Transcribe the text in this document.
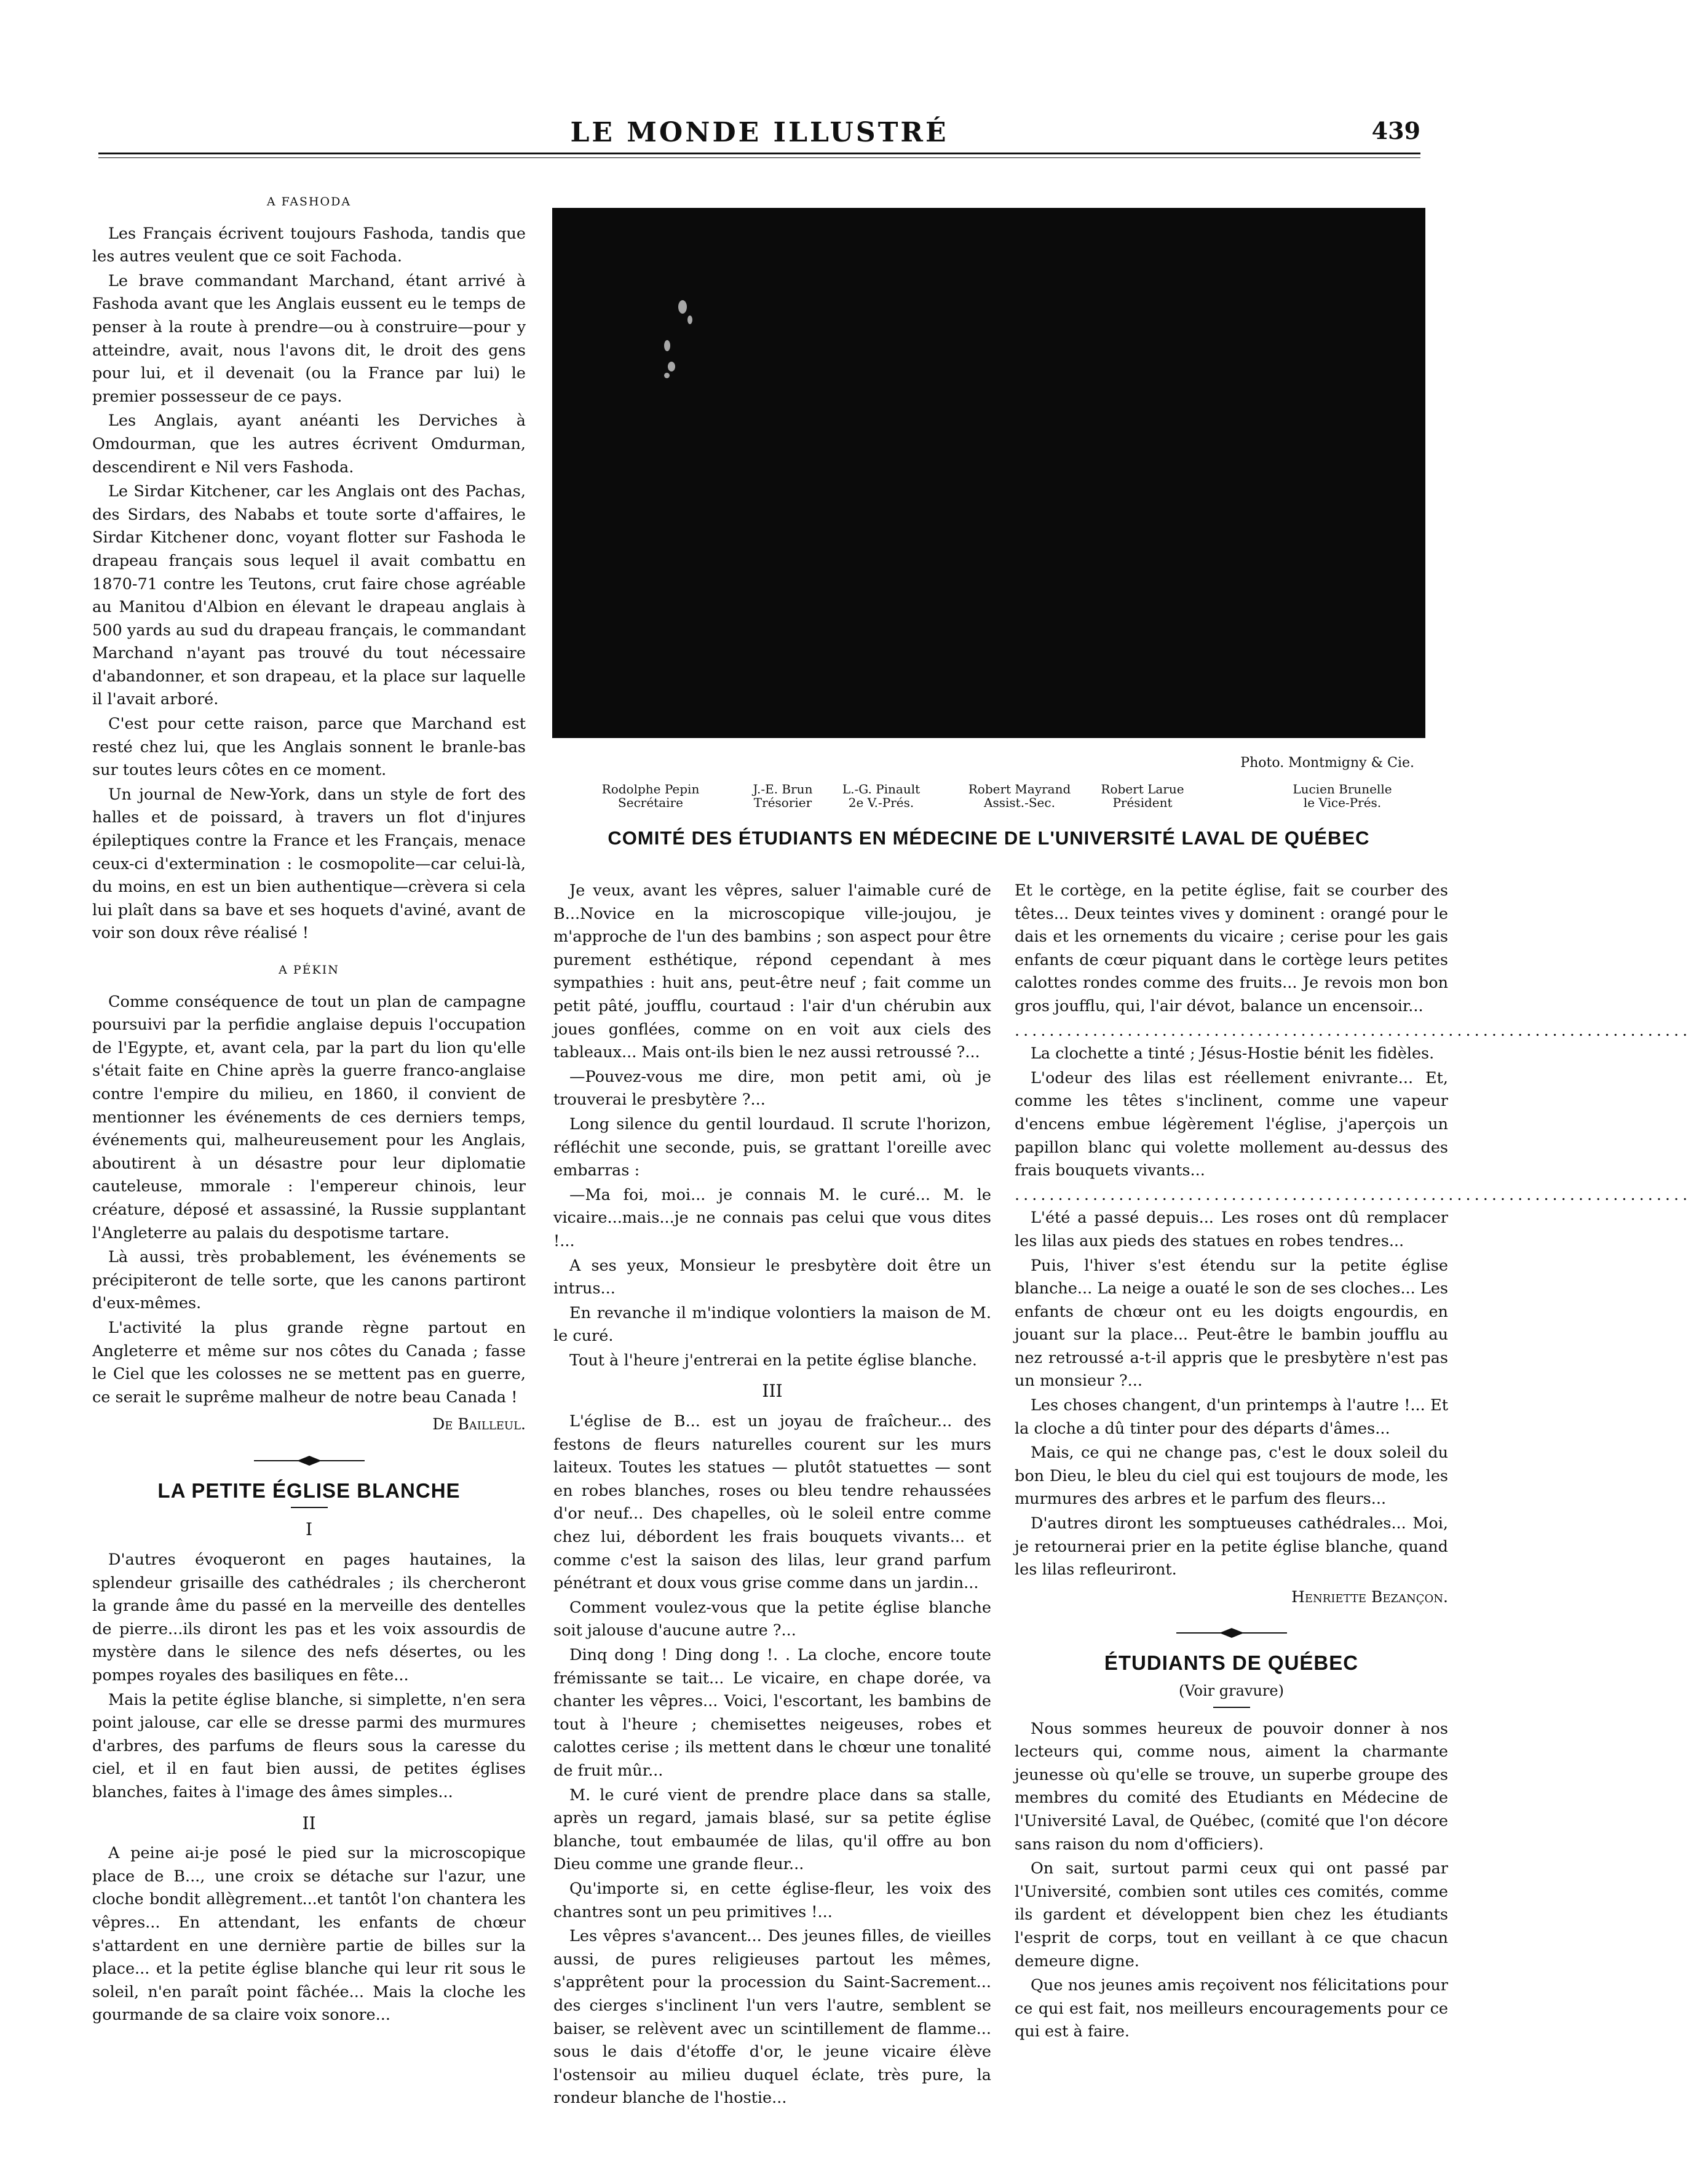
LE MONDE ILLUSTRÉ	439
A FASHODA

Les Français écrivent toujours Fashoda, tandis que les autres veulent que ce soit Fachoda.

Le brave commandant Marchand, étant arrivé à Fashoda avant que les Anglais eussent eu le temps de penser à la route à prendre—ou à construire—pour y atteindre, avait, nous l'avons dit, le droit des gens pour lui, et il devenait (ou la France par lui) le premier possesseur de ce pays.

Les Anglais, ayant anéanti les Derviches à Omdourman, que les autres écrivent Omdurman, descendirent e Nil vers Fashoda.

Le Sirdar Kitchener, car les Anglais ont des Pachas, des Sirdars, des Nababs et toute sorte d'affaires, le Sirdar Kitchener donc, voyant flotter sur Fashoda le drapeau français sous lequel il avait combattu en 1870-71 contre les Teutons, crut faire chose agréable au Manitou d'Albion en élevant le drapeau anglais à 500 yards au sud du drapeau français, le commandant Marchand n'ayant pas trouvé du tout nécessaire d'abandonner, et son drapeau, et la place sur laquelle il l'avait arboré.

C'est pour cette raison, parce que Marchand est resté chez lui, que les Anglais sonnent le branle-bas sur toutes leurs côtes en ce moment.

Un journal de New-York, dans un style de fort des halles et de poissard, à travers un flot d'injures épileptiques contre la France et les Français, menace ceux-ci d'extermination : le cosmopolite—car celui-là, du moins, en est un bien authentique—crèvera si cela lui plaît dans sa bave et ses hoquets d'aviné, avant de voir son doux rêve réalisé !

A PÉKIN

Comme conséquence de tout un plan de campagne poursuivi par la perfidie anglaise depuis l'occupation de l'Egypte, et, avant cela, par la part du lion qu'elle s'était faite en Chine après la guerre franco-anglaise contre l'empire du milieu, en 1860, il convient de mentionner les événements de ces derniers temps, événements qui, malheureusement pour les Anglais, aboutirent à un désastre pour leur diplomatie cauteleuse, mmorale : l'empereur chinois, leur créature, déposé et assassiné, la Russie supplantant l'Angleterre au palais du despotisme tartare.

Là aussi, très probablement, les événements se précipiteront de telle sorte, que les canons partiront d'eux-mêmes.

L'activité la plus grande règne partout en Angleterre et même sur nos côtes du Canada ; fasse le Ciel que les colosses ne se mettent pas en guerre, ce serait le suprême malheur de notre beau Canada !

De Bailleul.
LA PETITE ÉGLISE BLANCHE
I

D'autres évoqueront en pages hautaines, la splendeur grisaille des cathédrales ; ils chercheront la grande âme du passé en la merveille des dentelles de pierre...ils diront les pas et les voix assourdis de mystère dans le silence des nefs désertes, ou les pompes royales des basiliques en fête...

Mais la petite église blanche, si simplette, n'en sera point jalouse, car elle se dresse parmi des murmures d'arbres, des parfums de fleurs sous la caresse du ciel, et il en faut bien aussi, de petites églises blanches, faites à l'image des âmes simples...

II

A peine ai-je posé le pied sur la microscopique place de B..., une croix se détache sur l'azur, une cloche bondit allègrement...et tantôt l'on chantera les vêpres... En attendant, les enfants de chœur s'attardent en une dernière partie de billes sur la place... et la petite église blanche qui leur rit sous le soleil, n'en paraît point fâchée... Mais la cloche les gourmande de sa claire voix sonore...

Photo. Montmigny & Cie.
Rodolphe Pepin
Secrétaire
J.-E. Brun
Trésorier
L.-G. Pinault
2e V.-Prés.
Robert Mayrand
Assist.-Sec.
Robert Larue
Président
Lucien Brunelle
le Vice-Prés.
COMITÉ DES ÉTUDIANTS EN MÉDECINE DE L'UNIVERSITÉ LAVAL DE QUÉBEC

Je veux, avant les vêpres, saluer l'aimable curé de B...Novice en la microscopique ville-joujou, je m'approche de l'un des bambins ; son aspect pour être purement esthétique, répond cependant à mes sympathies : huit ans, peut-être neuf ; fait comme un petit pâté, joufflu, courtaud : l'air d'un chérubin aux joues gonflées, comme on en voit aux ciels des tableaux... Mais ont-ils bien le nez aussi retroussé ?...

—Pouvez-vous me dire, mon petit ami, où je trouverai le presbytère ?...

Long silence du gentil lourdaud. Il scrute l'horizon, réfléchit une seconde, puis, se grattant l'oreille avec embarras :

—Ma foi, moi... je connais M. le curé... M. le vicaire...mais...je ne connais pas celui que vous dites !...

A ses yeux, Monsieur le presbytère doit être un intrus...

En revanche il m'indique volontiers la maison de M. le curé.

Tout à l'heure j'entrerai en la petite église blanche.

III

L'église de B... est un joyau de fraîcheur... des festons de fleurs naturelles courent sur les murs laiteux. Toutes les statues — plutôt statuettes — sont en robes blanches, roses ou bleu tendre rehaussées d'or neuf... Des chapelles, où le soleil entre comme chez lui, débordent les frais bouquets vivants... et comme c'est la saison des lilas, leur grand parfum pénétrant et doux vous grise comme dans un jardin...

Comment voulez-vous que la petite église blanche soit jalouse d'aucune autre ?...

Dinq dong ! Ding dong !. . La cloche, encore toute frémissante se tait... Le vicaire, en chape dorée, va chanter les vêpres... Voici, l'escortant, les bambins de tout à l'heure ; chemisettes neigeuses, robes et calottes cerise ; ils mettent dans le chœur une tonalité de fruit mûr...

M. le curé vient de prendre place dans sa stalle, après un regard, jamais blasé, sur sa petite église blanche, tout embaumée de lilas, qu'il offre au bon Dieu comme une grande fleur...

Qu'importe si, en cette église-fleur, les voix des chantres sont un peu primitives !...

Les vêpres s'avancent... Des jeunes filles, de vieilles aussi, de pures religieuses partout les mêmes, s'apprêtent pour la procession du Saint-Sacrement... des cierges s'inclinent l'un vers l'autre, semblent se baiser, se relèvent avec un scintillement de flamme... sous le dais d'étoffe d'or, le jeune vicaire élève l'ostensoir au milieu duquel éclate, très pure, la rondeur blanche de l'hostie...

Et le cortège, en la petite église, fait se courber des têtes... Deux teintes vives y dominent : orangé pour le dais et les ornements du vicaire ; cerise pour les gais enfants de cœur piquant dans le cortège leurs petites calottes rondes comme des fruits... Je revois mon bon gros joufflu, qui, l'air dévot, balance un encensoir...

..............................................................................

La clochette a tinté ; Jésus-Hostie bénit les fidèles.

L'odeur des lilas est réellement enivrante... Et, comme les têtes s'inclinent, comme une vapeur d'encens embue légèrement l'église, j'aperçois un papillon blanc qui volette mollement au-dessus des frais bouquets vivants...

..............................................................................

L'été a passé depuis... Les roses ont dû remplacer les lilas aux pieds des statues en robes tendres...

Puis, l'hiver s'est étendu sur la petite église blanche... La neige a ouaté le son de ses cloches... Les enfants de chœur ont eu les doigts engourdis, en jouant sur la place... Peut-être le bambin joufflu au nez retroussé a-t-il appris que le presbytère n'est pas un monsieur ?...

Les choses changent, d'un printemps à l'autre !... Et la cloche a dû tinter pour des départs d'âmes...

Mais, ce qui ne change pas, c'est le doux soleil du bon Dieu, le bleu du ciel qui est toujours de mode, les murmures des arbres et le parfum des fleurs...

D'autres diront les somptueuses cathédrales... Moi, je retournerai prier en la petite église blanche, quand les lilas refleuriront.

Henriette Bezançon.
ÉTUDIANTS DE QUÉBEC
(Voir gravure)

Nous sommes heureux de pouvoir donner à nos lecteurs qui, comme nous, aiment la charmante jeunesse où qu'elle se trouve, un superbe groupe des membres du comité des Etudiants en Médecine de l'Université Laval, de Québec, (comité que l'on décore sans raison du nom d'officiers).

On sait, surtout parmi ceux qui ont passé par l'Université, combien sont utiles ces comités, comme ils gardent et développent bien chez les étudiants l'esprit de corps, tout en veillant à ce que chacun demeure digne.

Que nos jeunes amis reçoivent nos félicitations pour ce qui est fait, nos meilleurs encouragements pour ce qui est à faire.
